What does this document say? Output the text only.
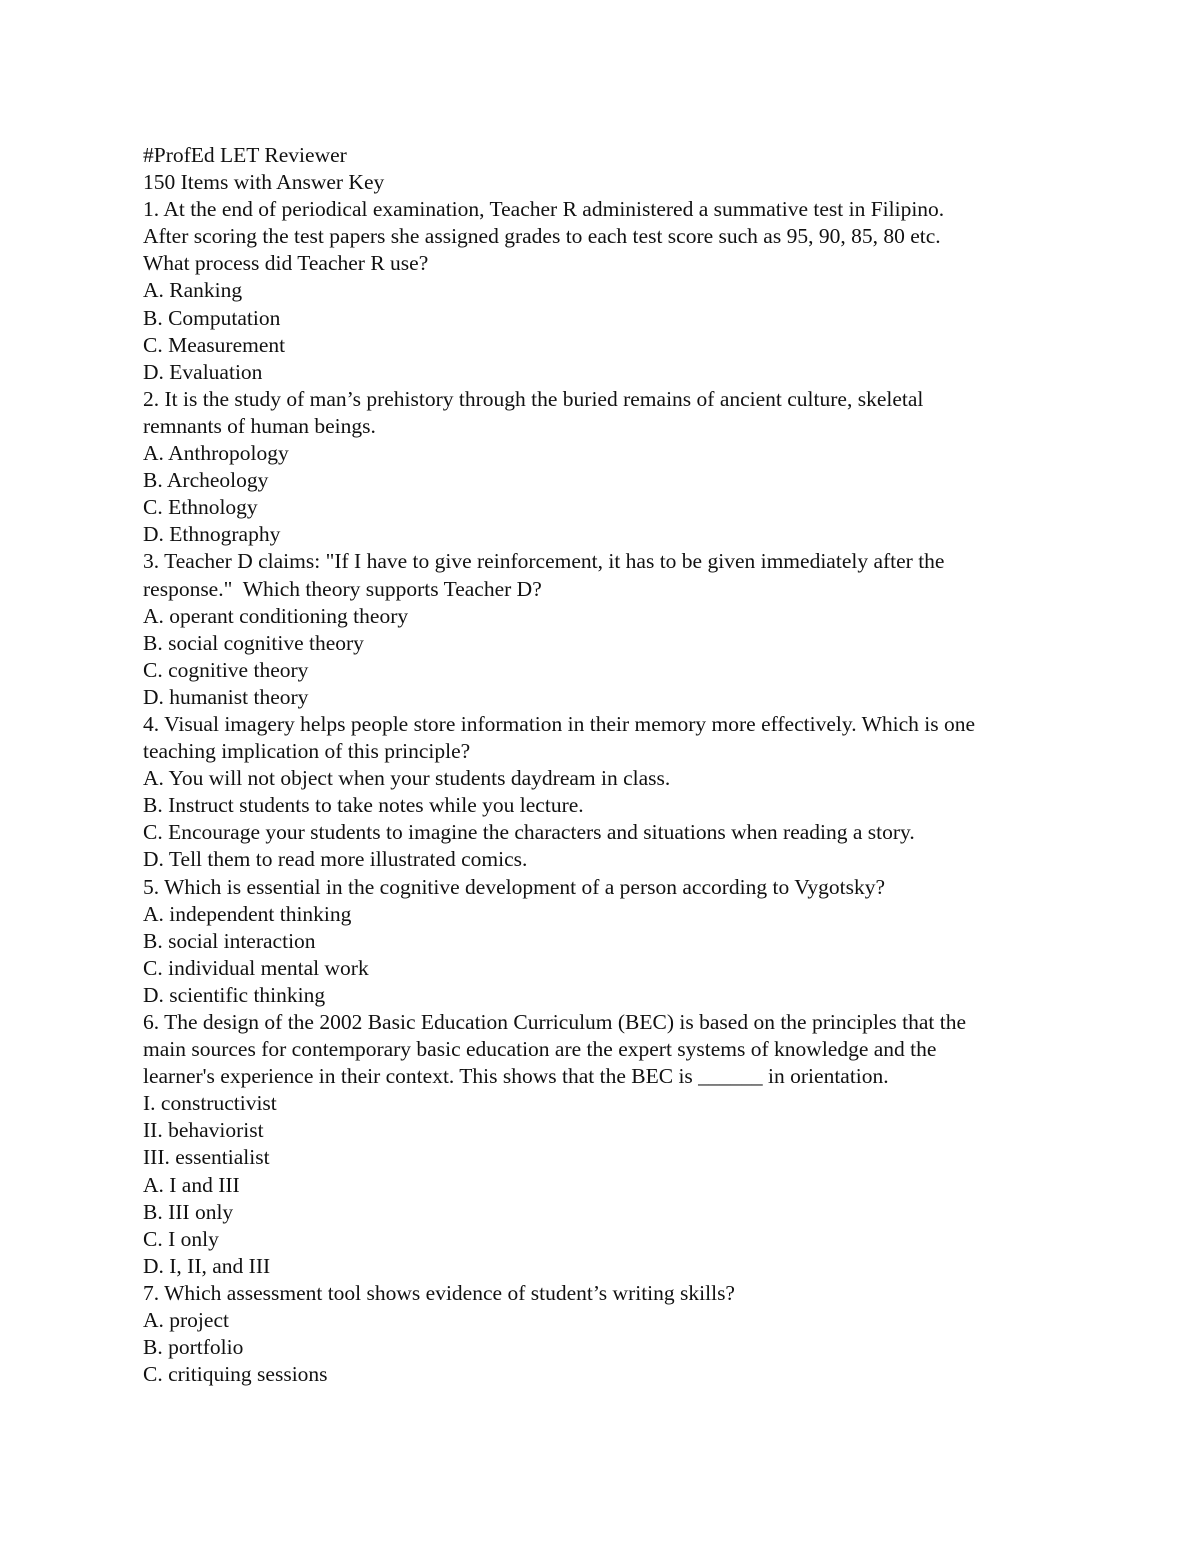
#ProfEd LET Reviewer

150 Items with Answer Key

1. At the end of periodical examination, Teacher R administered a summative test in Filipino.

After scoring the test papers she assigned grades to each test score such as 95, 90, 85, 80 etc.

What process did Teacher R use?

A. Ranking

B. Computation

C. Measurement

D. Evaluation

2. It is the study of man’s prehistory through the buried remains of ancient culture, skeletal

remnants of human beings.

A. Anthropology

B. Archeology

C. Ethnology

D. Ethnography

3. Teacher D claims: "If I have to give reinforcement, it has to be given immediately after the

response."  Which theory supports Teacher D?

A. operant conditioning theory

B. social cognitive theory

C. cognitive theory

D. humanist theory

4. Visual imagery helps people store information in their memory more effectively. Which is one

teaching implication of this principle?

A. You will not object when your students daydream in class.

B. Instruct students to take notes while you lecture.

C. Encourage your students to imagine the characters and situations when reading a story.

D. Tell them to read more illustrated comics.

5. Which is essential in the cognitive development of a person according to Vygotsky?

A. independent thinking

B. social interaction

C. individual mental work

D. scientific thinking

6. The design of the 2002 Basic Education Curriculum (BEC) is based on the principles that the

main sources for contemporary basic education are the expert systems of knowledge and the

learner's experience in their context. This shows that the BEC is ______ in orientation.

I. constructivist

II. behaviorist

III. essentialist

A. I and III

B. III only

C. I only

D. I, II, and III

7. Which assessment tool shows evidence of student’s writing skills?

A. project

B. portfolio

C. critiquing sessions
